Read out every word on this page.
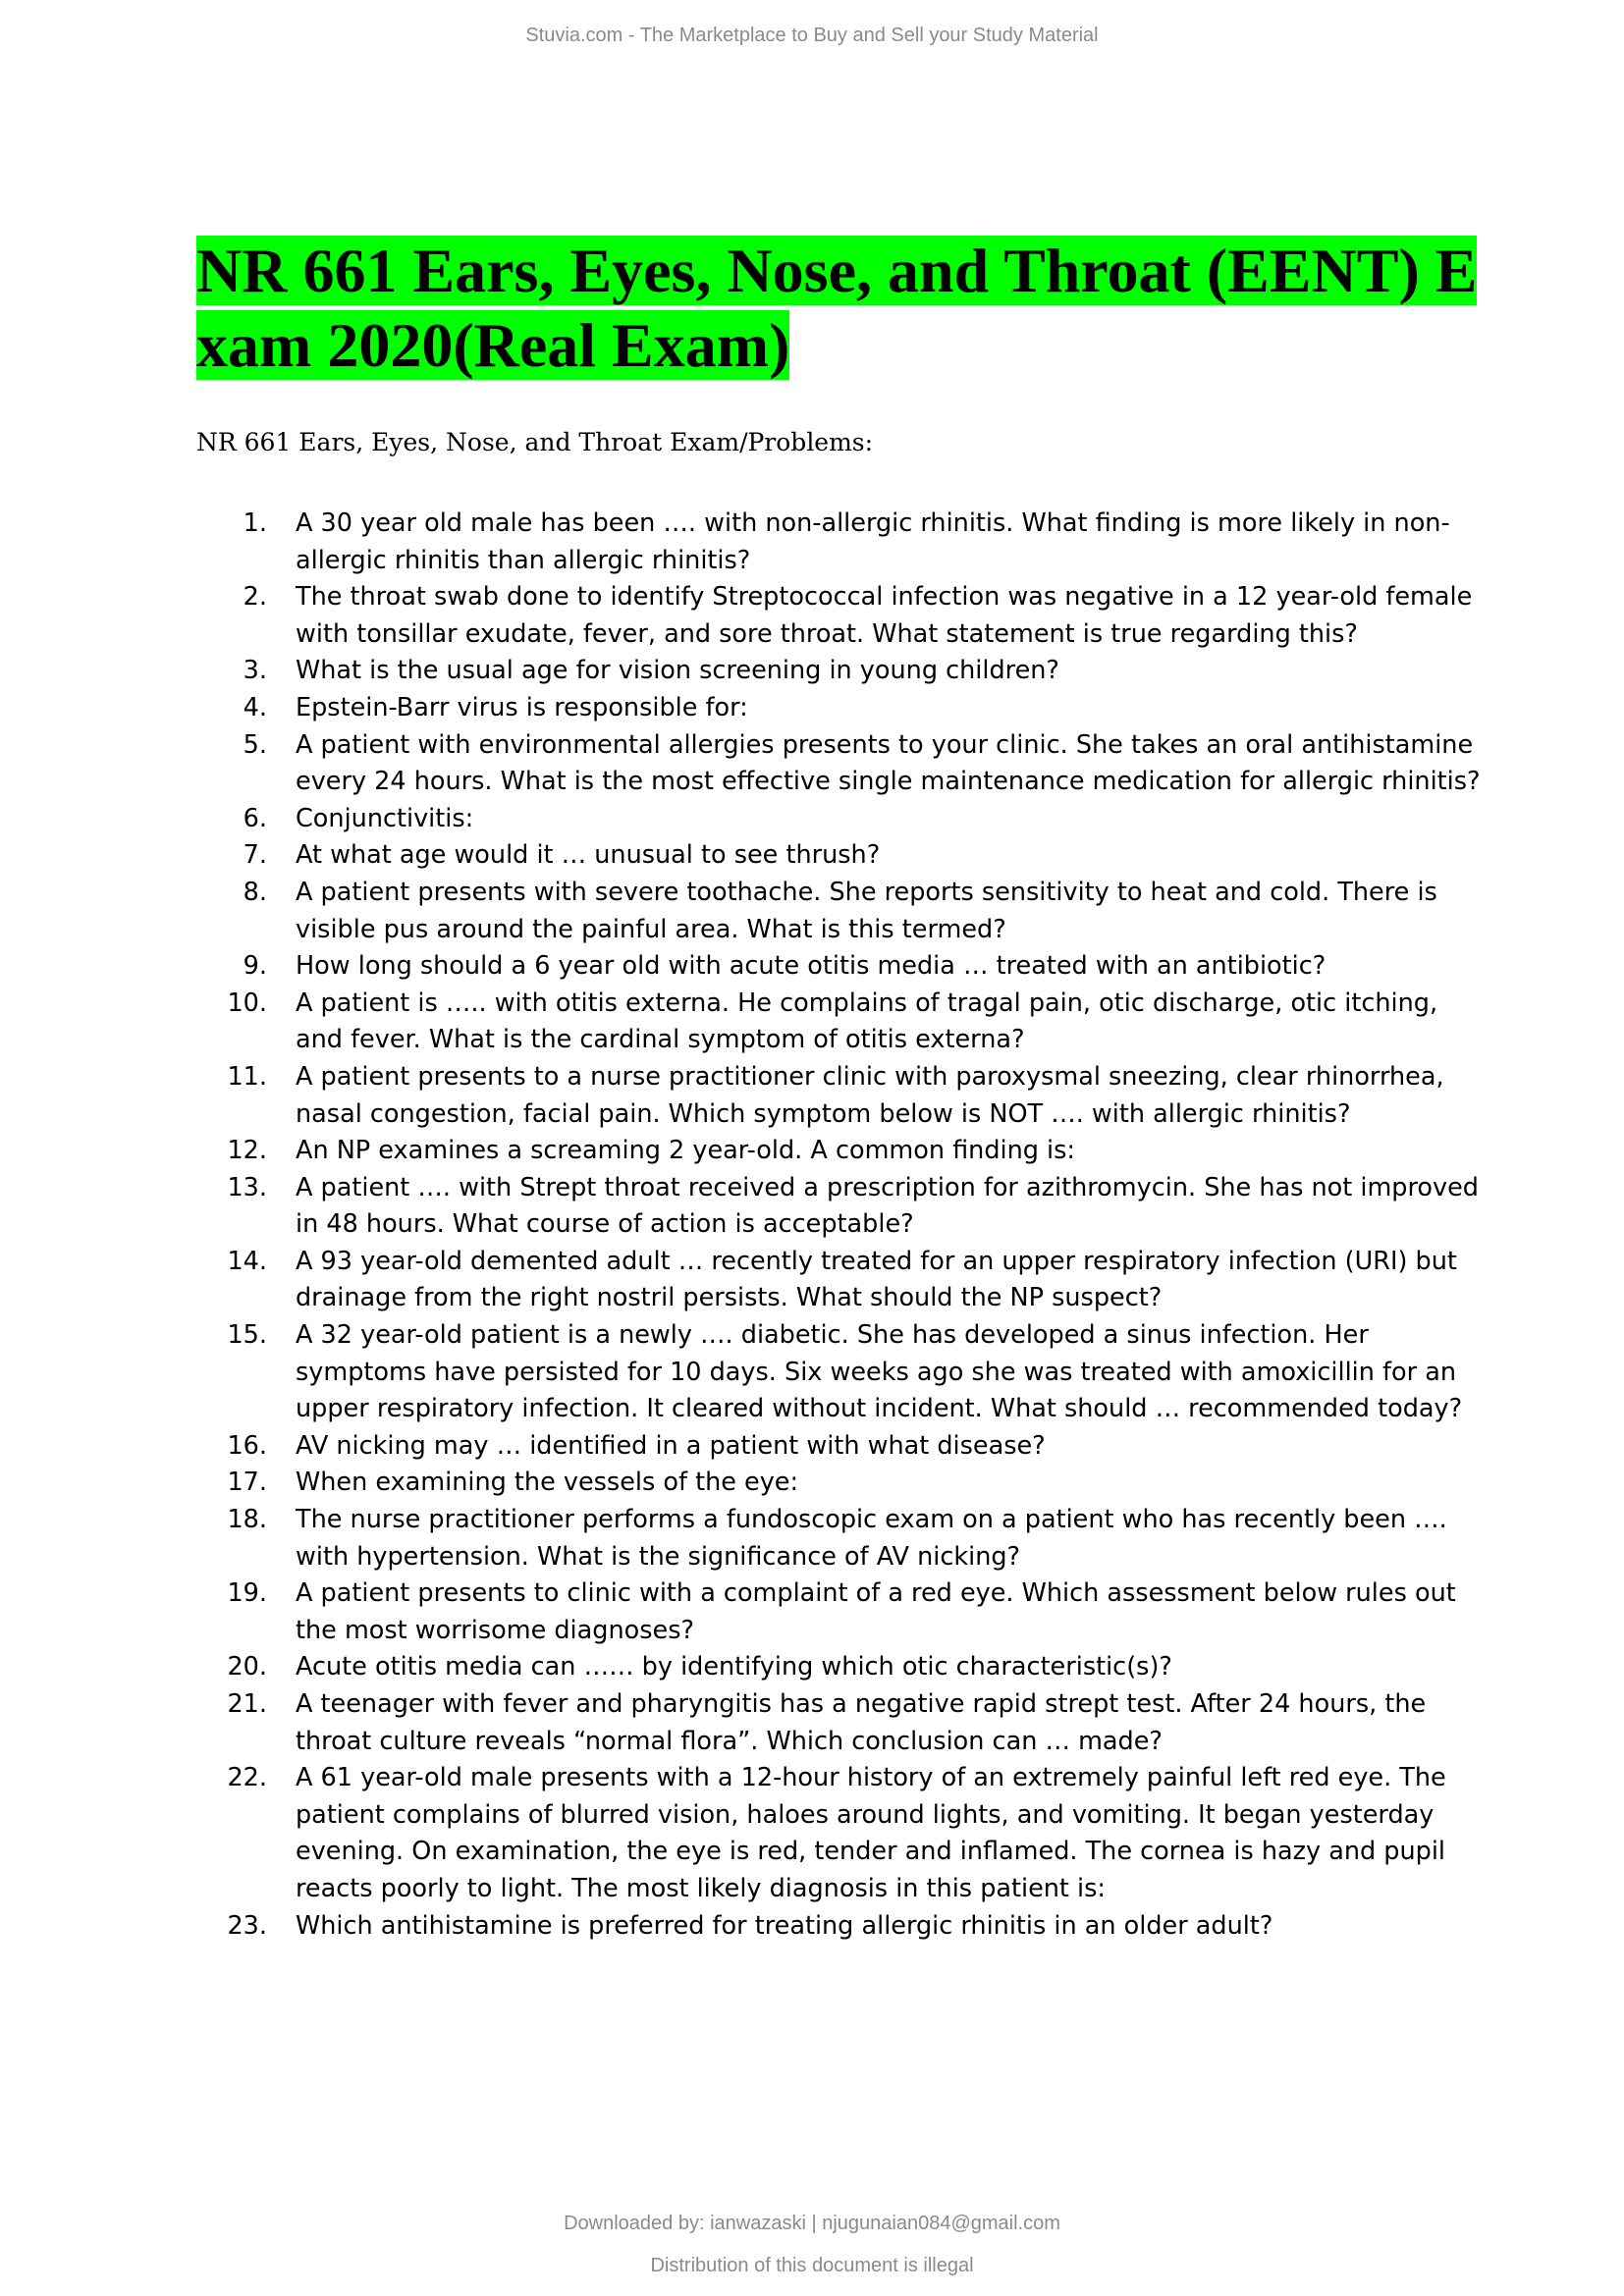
Stuvia.com - The Marketplace to Buy and Sell your Study Material
NR 661 Ears, Eyes, Nose, and Throat (EENT) E xam 2020(Real Exam)
NR 661 Ears, Eyes, Nose, and Throat Exam/Problems:
1. A 30 year old male has been …. with non-allergic rhinitis. What finding is more likely in non-allergic rhinitis than allergic rhinitis?
2. The throat swab done to identify Streptococcal infection was negative in a 12 year-old female with tonsillar exudate, fever, and sore throat. What statement is true regarding this?
3. What is the usual age for vision screening in young children?
4. Epstein-Barr virus is responsible for:
5. A patient with environmental allergies presents to your clinic. She takes an oral antihistamine every 24 hours. What is the most effective single maintenance medication for allergic rhinitis?
6. Conjunctivitis:
7. At what age would it … unusual to see thrush?
8. A patient presents with severe toothache. She reports sensitivity to heat and cold. There is visible pus around the painful area. What is this termed?
9. How long should a 6 year old with acute otitis media … treated with an antibiotic?
10. A patient is ….. with otitis externa. He complains of tragal pain, otic discharge, otic itching, and fever. What is the cardinal symptom of otitis externa?
11. A patient presents to a nurse practitioner clinic with paroxysmal sneezing, clear rhinorrhea, nasal congestion, facial pain. Which symptom below is NOT …. with allergic rhinitis?
12. An NP examines a screaming 2 year-old. A common finding is:
13. A patient …. with Strept throat received a prescription for azithromycin. She has not improved in 48 hours. What course of action is acceptable?
14. A 93 year-old demented adult … recently treated for an upper respiratory infection (URI) but drainage from the right nostril persists. What should the NP suspect?
15. A 32 year-old patient is a newly …. diabetic. She has developed a sinus infection. Her symptoms have persisted for 10 days. Six weeks ago she was treated with amoxicillin for an upper respiratory infection. It cleared without incident. What should … recommended today?
16. AV nicking may … identified in a patient with what disease?
17. When examining the vessels of the eye:
18. The nurse practitioner performs a fundoscopic exam on a patient who has recently been …. with hypertension. What is the significance of AV nicking?
19. A patient presents to clinic with a complaint of a red eye. Which assessment below rules out the most worrisome diagnoses?
20. Acute otitis media can …… by identifying which otic characteristic(s)?
21. A teenager with fever and pharyngitis has a negative rapid strept test. After 24 hours, the throat culture reveals “normal flora”. Which conclusion can … made?
22. A 61 year-old male presents with a 12-hour history of an extremely painful left red eye. The patient complains of blurred vision, haloes around lights, and vomiting. It began yesterday evening. On examination, the eye is red, tender and inflamed. The cornea is hazy and pupil reacts poorly to light. The most likely diagnosis in this patient is:
23. Which antihistamine is preferred for treating allergic rhinitis in an older adult?
Downloaded by: ianwazaski | njugunaian084@gmail.com
Distribution of this document is illegal
